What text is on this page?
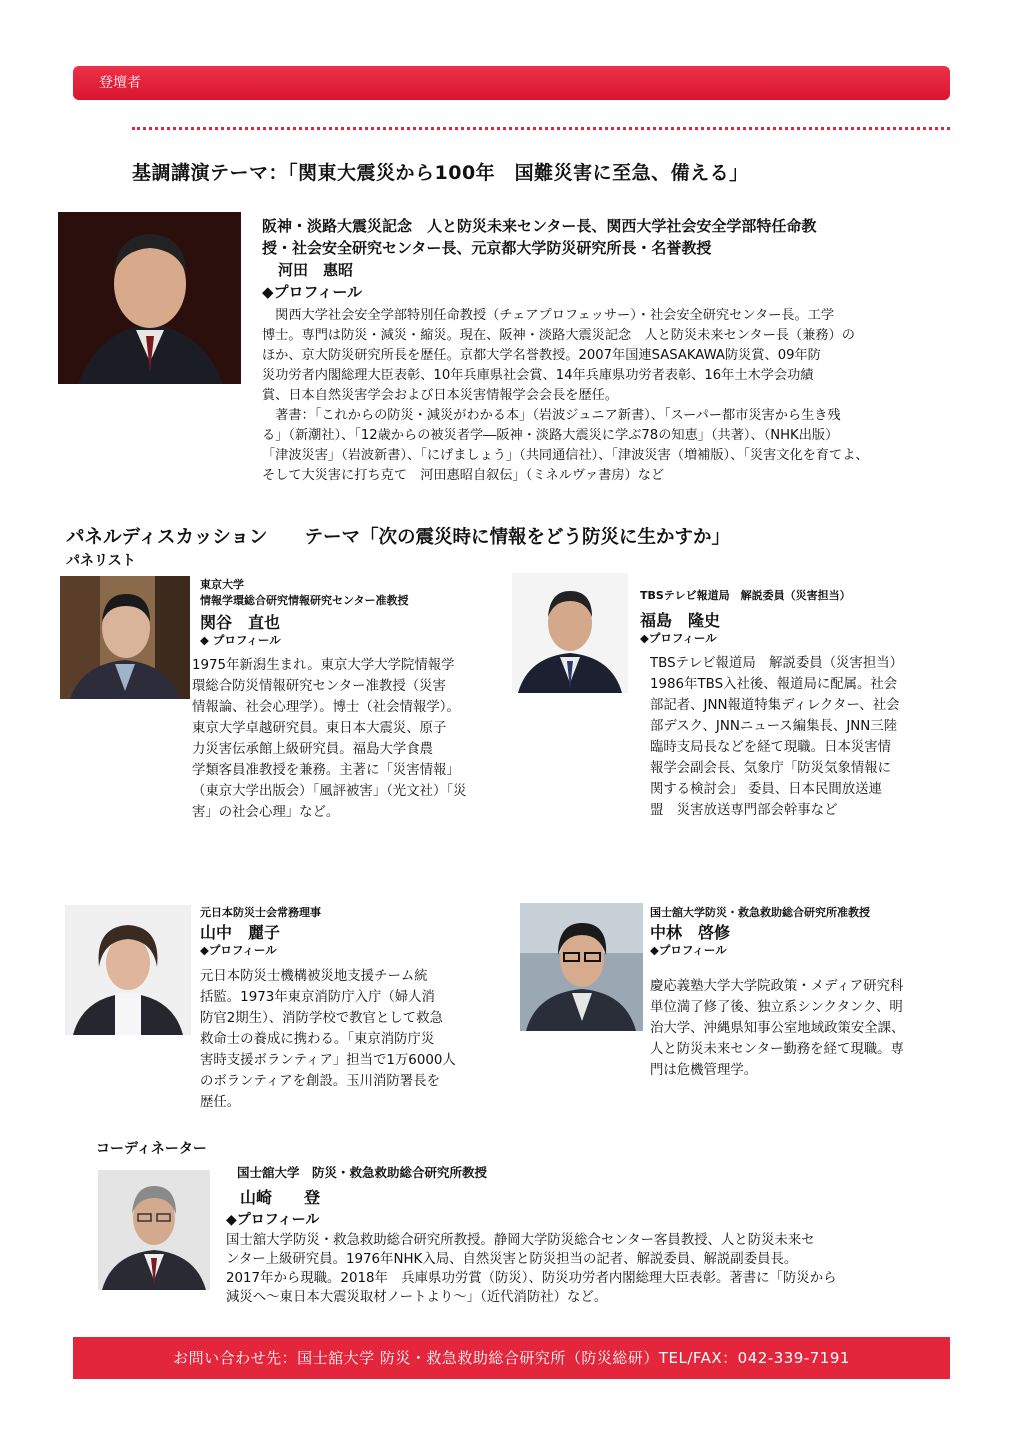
登壇者
基調講演テーマ：「関東大震災から100年　国難災害に至急、備える」

阪神・淡路大震災記念　人と防災未来センター長、関西大学社会安全学部特任命教

授・社会安全研究センター長、元京都大学防災研究所長・名誉教授

河田　惠昭

◆プロフィール

　関西大学社会安全学部特別任命教授（チェアプロフェッサー）・社会安全研究センター長。工学

博士。専門は防災・減災・縮災。現在、阪神・淡路大震災記念　人と防災未来センター長（兼務）の

ほか、京大防災研究所長を歴任。京都大学名誉教授。2007年国連SASAKAWA防災賞、09年防

災功労者内閣総理大臣表彰、10年兵庫県社会賞、14年兵庫県功労者表彰、16年土木学会功績

賞、日本自然災害学会および日本災害情報学会会長を歴任。

　著書：「これからの防災・減災がわかる本」（岩波ジュニア新書）、「スーパー都市災害から生き残

る」（新潮社）、「12歳からの被災者学―阪神・淡路大震災に学ぶ78の知恵」（共著）、（NHK出版）

「津波災害」（岩波新書）、「にげましょう」（共同通信社）、「津波災害（増補版）、「災害文化を育てよ、

そして大災害に打ち克て　河田惠昭自叙伝」（ミネルヴァ書房）など

パネルディスカッション　　テーマ「次の震災時に情報をどう防災に生かすか」
パネリスト

東京大学

情報学環総合研究情報研究センター准教授

関谷　直也
◆ プロフィール

1975年新潟生まれ。東京大学大学院情報学

環総合防災情報研究センター准教授（災害

情報論、社会心理学）。博士（社会情報学）。

東京大学卓越研究員。東日本大震災、原子

力災害伝承館上級研究員。福島大学食農

学類客員准教授を兼務。主著に「災害情報」

（東京大学出版会）「風評被害」（光文社）「災

害」の社会心理」など。

TBSテレビ報道局　解説委員（災害担当）
福島　隆史
◆プロフィール

TBSテレビ報道局　解説委員（災害担当）

1986年TBS入社後、報道局に配属。社会

部記者、JNN報道特集ディレクター、社会

部デスク、JNNニュース編集長、JNN三陸

臨時支局長などを経て現職。日本災害情

報学会副会長、気象庁「防災気象情報に

関する検討会」 委員、日本民間放送連

盟　災害放送専門部会幹事など

元日本防災士会常務理事
山中　麗子
◆プロフィール

元日本防災士機構被災地支援チーム統

括監。1973年東京消防庁入庁（婦人消

防官2期生）、消防学校で教官として救急

救命士の養成に携わる。「東京消防庁災

害時支援ボランティア」担当で1万6000人

のボランティアを創設。玉川消防署長を

歴任。

国士舘大学防災・救急救助総合研究所准教授
中林　啓修
◆プロフィール

慶応義塾大学大学院政策・メディア研究科

単位満了修了後、独立系シンクタンク、明

治大学、沖縄県知事公室地域政策安全課、

人と防災未来センター勤務を経て現職。専

門は危機管理学。

コーディネーター
国士舘大学　防災・救急救助総合研究所教授
山崎　　登
◆プロフィール

国士舘大学防災・救急救助総合研究所教授。静岡大学防災総合センター客員教授、人と防災未来セ

ンター上級研究員。1976年NHK入局、自然災害と防災担当の記者、解説委員、解説副委員長。

2017年から現職。2018年　兵庫県功労賞（防災）、防災功労者内閣総理大臣表彰。著書に「防災から

減災へ～東日本大震災取材ノートより～」（近代消防社）など。

お問い合わせ先：国士舘大学 防災・救急救助総合研究所（防災総研）TEL/FAX：042-339-7191
